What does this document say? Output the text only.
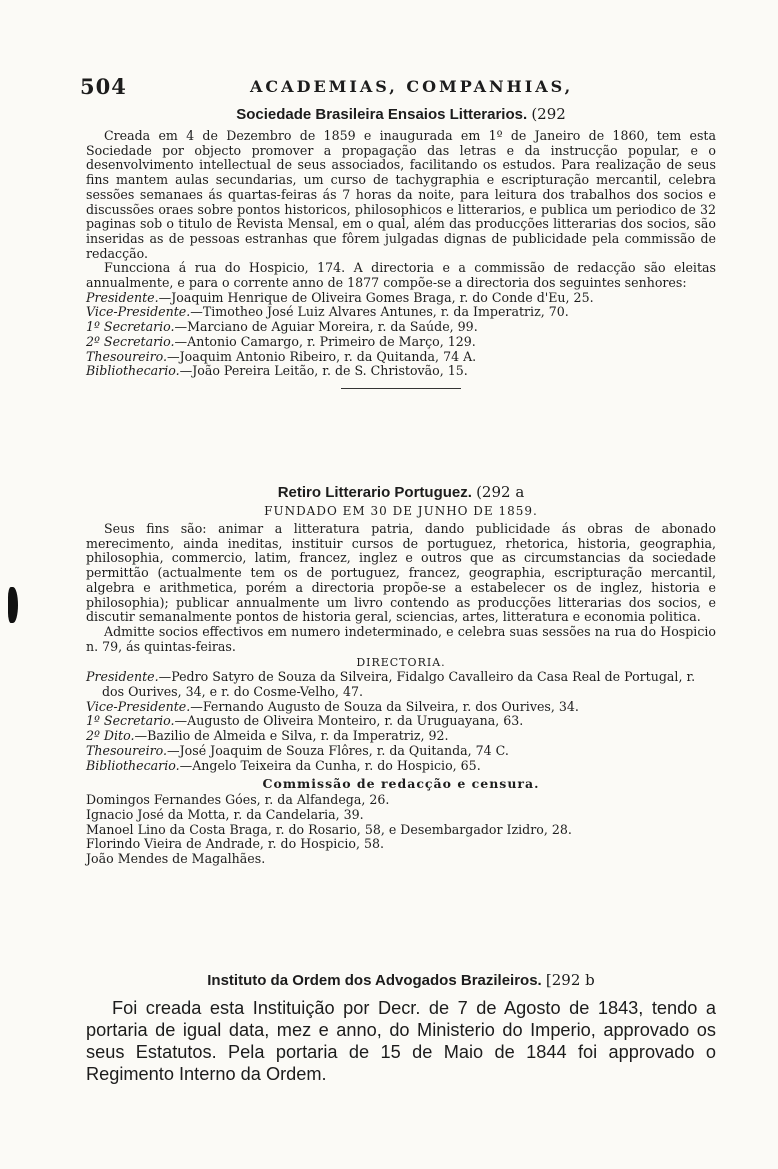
504	ACADEMIAS, COMPANHIAS,
Sociedade Brasileira Ensaios Litterarios. (292

Creada em 4 de Dezembro de 1859 e inaugurada em 1º de Janeiro de 1860, tem esta Sociedade por objecto promover a propagação das letras e da instrucção popular, e o desenvolvimento intellectual de seus associados, facilitando os estudos. Para realização de seus fins mantem aulas secundarias, um curso de tachygraphia e escripturação mercantil, celebra sessões semanaes ás quartas-feiras ás 7 horas da noite, para leitura dos trabalhos dos socios e discussões oraes sobre pontos historicos, philosophicos e litterarios, e publica um periodico de 32 paginas sob o titulo de Revista Mensal, em o qual, além das producções litterarias dos socios, são inseridas as de pessoas estranhas que fôrem julgadas dignas de publicidade pela commissão de redacção.

Funcciona á rua do Hospicio, 174. A directoria e a commissão de redacção são eleitas annualmente, e para o corrente anno de 1877 compõe-se a directoria dos seguintes senhores:

Presidente.—Joaquim Henrique de Oliveira Gomes Braga, r. do Conde d'Eu, 25.
Vice-Presidente.—Timotheo José Luiz Alvares Antunes, r. da Imperatriz, 70.
1º Secretario.—Marciano de Aguiar Moreira, r. da Saúde, 99.
2º Secretario.—Antonio Camargo, r. Primeiro de Março, 129.
Thesoureiro.—Joaquim Antonio Ribeiro, r. da Quitanda, 74 A.
Bibliothecario.—João Pereira Leitão, r. de S. Christovão, 15.
Retiro Litterario Portuguez. (292 a
FUNDADO EM 30 DE JUNHO DE 1859.

Seus fins são: animar a litteratura patria, dando publicidade ás obras de abonado merecimento, ainda ineditas, instituir cursos de portuguez, rhetorica, historia, geographia, philosophia, commercio, latim, francez, inglez e outros que as circumstancias da sociedade permittão (actualmente tem os de portuguez, francez, geographia, escripturação mercantil, algebra e arithmetica, porém a directoria propõe-se a estabelecer os de inglez, historia e philosophia); publicar annualmente um livro contendo as producções litterarias dos socios, e discutir semanalmente pontos de historia geral, sciencias, artes, litteratura e economia politica.

Admitte socios effectivos em numero indeterminado, e celebra suas sessões na rua do Hospicio n. 79, ás quintas-feiras.

DIRECTORIA.
Presidente.—Pedro Satyro de Souza da Silveira, Fidalgo Cavalleiro da Casa Real de Portugal, r. dos Ourives, 34, e r. do Cosme-Velho, 47.
Vice-Presidente.—Fernando Augusto de Souza da Silveira, r. dos Ourives, 34.
1º Secretario.—Augusto de Oliveira Monteiro, r. da Uruguayana, 63.
2º Dito.—Bazilio de Almeida e Silva, r. da Imperatriz, 92.
Thesoureiro.—José Joaquim de Souza Flôres, r. da Quitanda, 74 C.
Bibliothecario.—Angelo Teixeira da Cunha, r. do Hospicio, 65.
Commissão de redacção e censura.
Domingos Fernandes Góes, r. da Alfandega, 26.
Ignacio José da Motta, r. da Candelaria, 39.
Manoel Lino da Costa Braga, r. do Rosario, 58, e Desembargador Izidro, 28.
Florindo Vieira de Andrade, r. do Hospicio, 58.
João Mendes de Magalhães.
Instituto da Ordem dos Advogados Brazileiros. [292 b

Foi creada esta Instituição por Decr. de 7 de Agosto de 1843, tendo a portaria de igual data, mez e anno, do Ministerio do Imperio, approvado os seus Estatutos. Pela portaria de 15 de Maio de 1844 foi approvado o Regimento Interno da Ordem.
